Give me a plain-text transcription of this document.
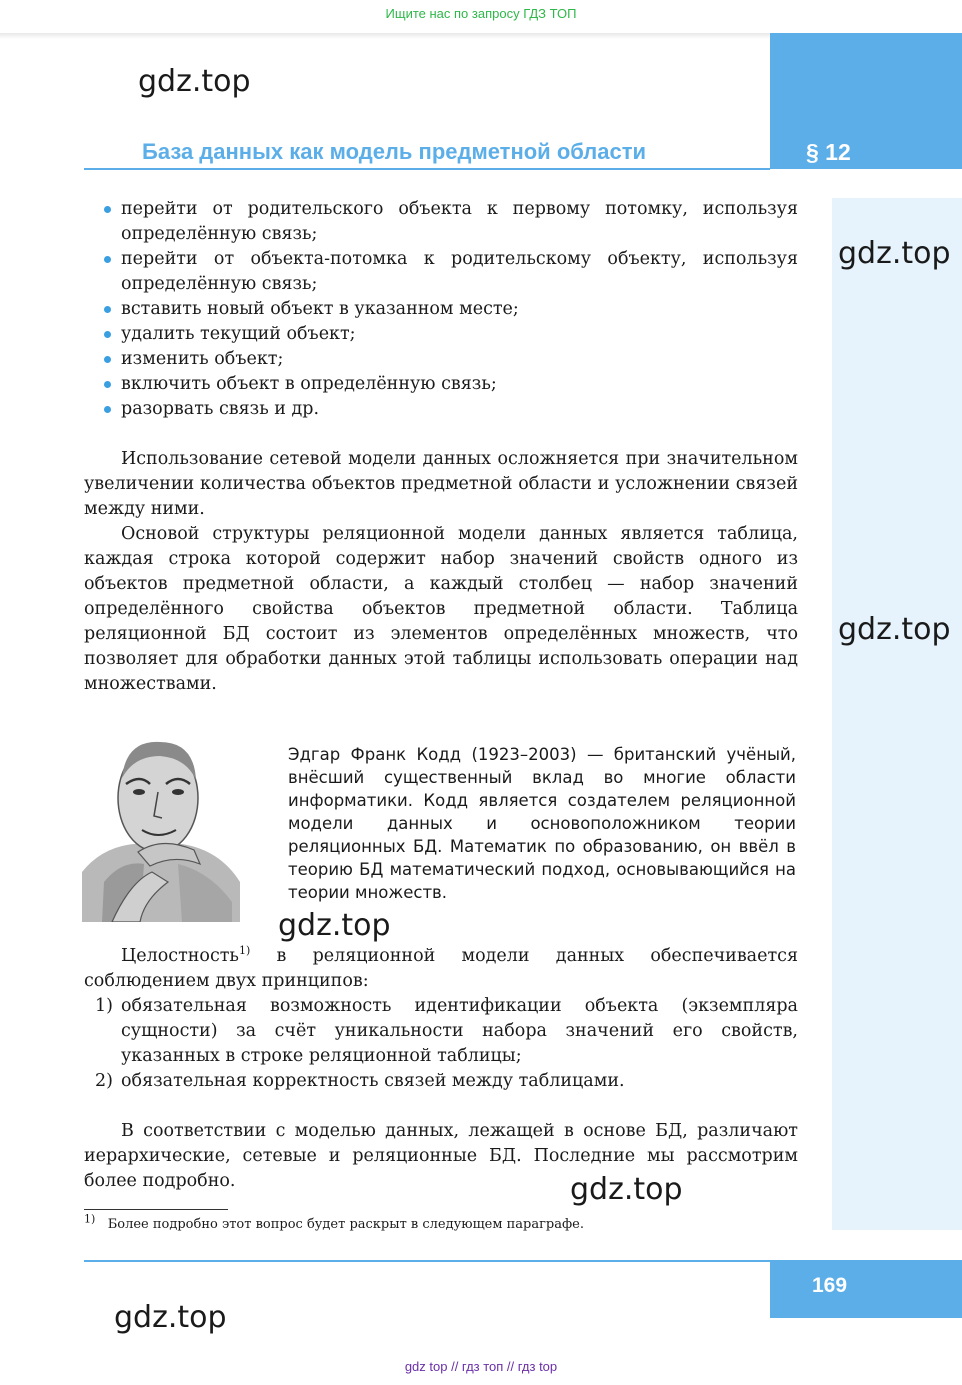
Ищите нас по запросу ГДЗ ТОП
§ 12
База данных как модель предметной области
gdz.top
gdz.top
gdz.top
gdz.top
gdz.top
gdz.top
перейти от родительского объекта к первому потомку, используя определённую связь;
перейти от объекта-потомка к родительскому объекту, используя определённую связь;
вставить новый объект в указанном месте;
удалить текущий объект;
изменить объект;
включить объект в определённую связь;
разорвать связь и др.
Использование сетевой модели данных осложняется при значительном увеличении количества объектов предметной области и усложнении связей между ними.
Основой структуры реляционной модели данных является таблица, каждая строка которой содержит набор значений свойств одного из объектов предметной области, а каждый столбец — набор значений определённого свойства объектов предметной области. Таблица реляционной БД состоит из элементов определённых множеств, что позволяет для обработки данных этой таблицы использовать операции над множествами.
Эдгар Франк Кодд (1923–2003) — британский учёный, внёсший существенный вклад во многие области информатики. Кодд является создателем реляционной модели данных и основоположником теории реляционных БД. Математик по образованию, он ввёл в теорию БД математический подход, основывающийся на теории множеств.
Целостность$^{1)}$ в реляционной модели данных обеспечивается соблюдением двух принципов:
1) обязательная возможность идентификации объекта (экземпляра сущности) за счёт уникальности набора значений его свойств, указанных в строке реляционной таблицы;
2) обязательная корректность связей между таблицами.
В соответствии с моделью данных, лежащей в основе БД, различают иерархические, сетевые и реляционные БД. Последние мы рассмотрим более подробно.
$^{1)}$ Более подробно этот вопрос будет раскрыт в следующем параграфе.
169
gdz top // гдз топ // гдз top
